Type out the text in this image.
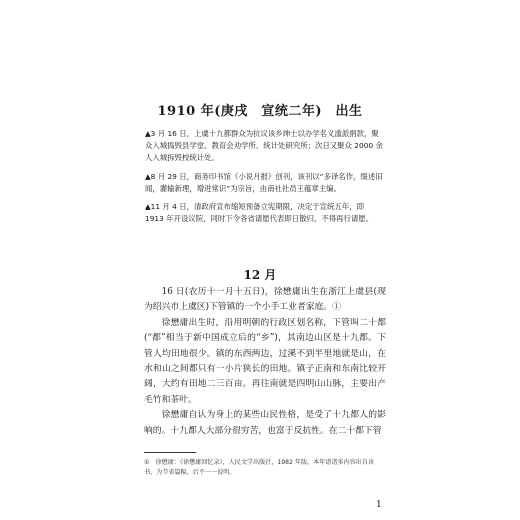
1910 年(庚戌　宣统二年)　出生

▲3 月 16 日，上虞十九都群众为抗议该乡绅士以办学名义滥派捐款，聚众入城捣毁县学堂、教育会劝学所、统计处研究所；次日又聚众 2000 余人入城拆毁校统计处。

▲8 月 29 日，商务印书馆《小说月报》创刊，该刊以“多译名作，缀述旧闻，灌输新理，增进常识”为宗旨，由南社社员王蕴章主编。

▲11 月 4 日，清政府宣布缩短预备立宪期限，决定于宣统五年，即 1913 年开设议院，同时下令各省请愿代表即日散归，不得再行请愿。

12 月

16 日(农历十一月十五日)，徐懋庸出生在浙江上虞县(现为绍兴市上虞区)下管镇的一个小手工业者家庭。①

徐懋庸出生时，沿用明朝的行政区划名称，下管叫二十都(“都”相当于新中国成立后的“乡”)，其南边山区是十九都。下管人均田地很少。镇的东西两边，过溪不到半里地就是山，在水和山之间都只有一小片狭长的田地。镇子正南和东南比较开阔，大约有田地二三百亩。再往南就是四明山山脉，主要出产毛竹和茶叶。

徐懋庸自认为身上的某些山民性格，是受了十九都人的影响的。十九都人大部分很穷苦，也富于反抗性。在二十都下管

①　徐懋庸：《徐懋庸回忆录》，人民文学出版社，1982 年版。本年谱诸多内容出自该书，为节省篇幅，后不一一说明。
1
